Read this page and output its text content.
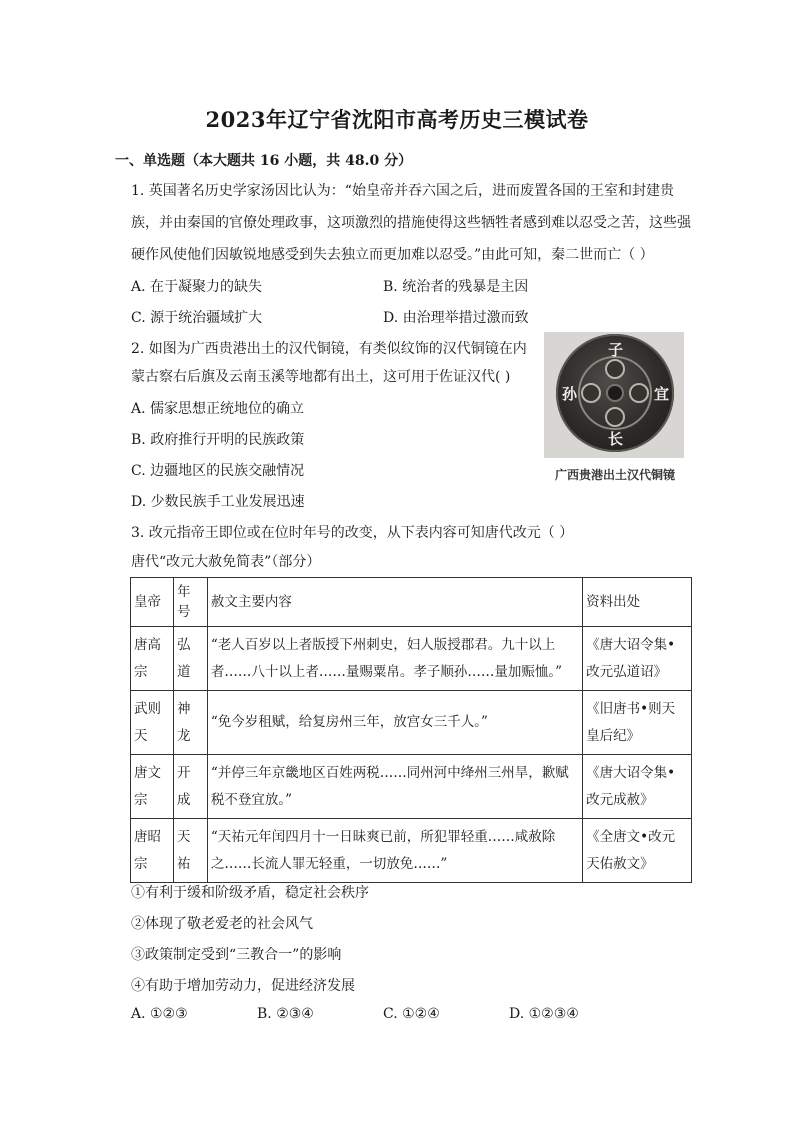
2023年辽宁省沈阳市高考历史三模试卷
一、单选题（本大题共 16 小题，共 48.0 分）
1. 英国著名历史学家汤因比认为：“始皇帝并吞六国之后，进而废置各国的王室和封建贵
族，并由秦国的官僚处理政事，这项激烈的措施使得这些牺牲者感到难以忍受之苦，这些强
硬作风使他们因敏锐地感受到失去独立而更加难以忍受。”由此可知，秦二世而亡（ ）
A. 在于凝聚力的缺失	B. 统治者的残暴是主因
C. 源于统治疆域扩大	D. 由治理举措过激而致
2. 如图为广西贵港出土的汉代铜镜，有类似纹饰的汉代铜镜在内
蒙古察右后旗及云南玉溪等地都有出土，这可用于佐证汉代( )
A. 儒家思想正统地位的确立
B. 政府推行开明的民族政策
C. 边疆地区的民族交融情况
D. 少数民族手工业发展迅速
子
孙	宜
长
广西贵港出土汉代铜镜
3. 改元指帝王即位或在位时年号的改变，从下表内容可知唐代改元（ ）
唐代“改元大赦免简表”（部分）
皇帝	年号	赦文主要内容	资料出处
唐高宗	弘道	“老人百岁以上者版授下州刺史，妇人版授郡君。九十以上者……八十以上者……量赐粟帛。孝子顺孙……量加赈恤。”	《唐大诏令集•改元弘道诏》
武则天	神龙	“免今岁租赋，给复房州三年，放宫女三千人。”	《旧唐书•则天皇后纪》
唐文宗	开成	“并停三年京畿地区百姓两税……同州河中绛州三州旱，歉赋税不登宜放。”	《唐大诏令集•改元成赦》
唐昭宗	天祐	“天祐元年闰四月十一日昧爽已前，所犯罪轻重……咸赦除之……长流人罪无轻重，一切放免……”	《全唐文•改元天佑赦文》
①有利于缓和阶级矛盾，稳定社会秩序
②体现了敬老爱老的社会风气
③政策制定受到“三教合一”的影响
④有助于增加劳动力，促进经济发展
A. ①②③	B. ②③④	C. ①②④	D. ①②③④
